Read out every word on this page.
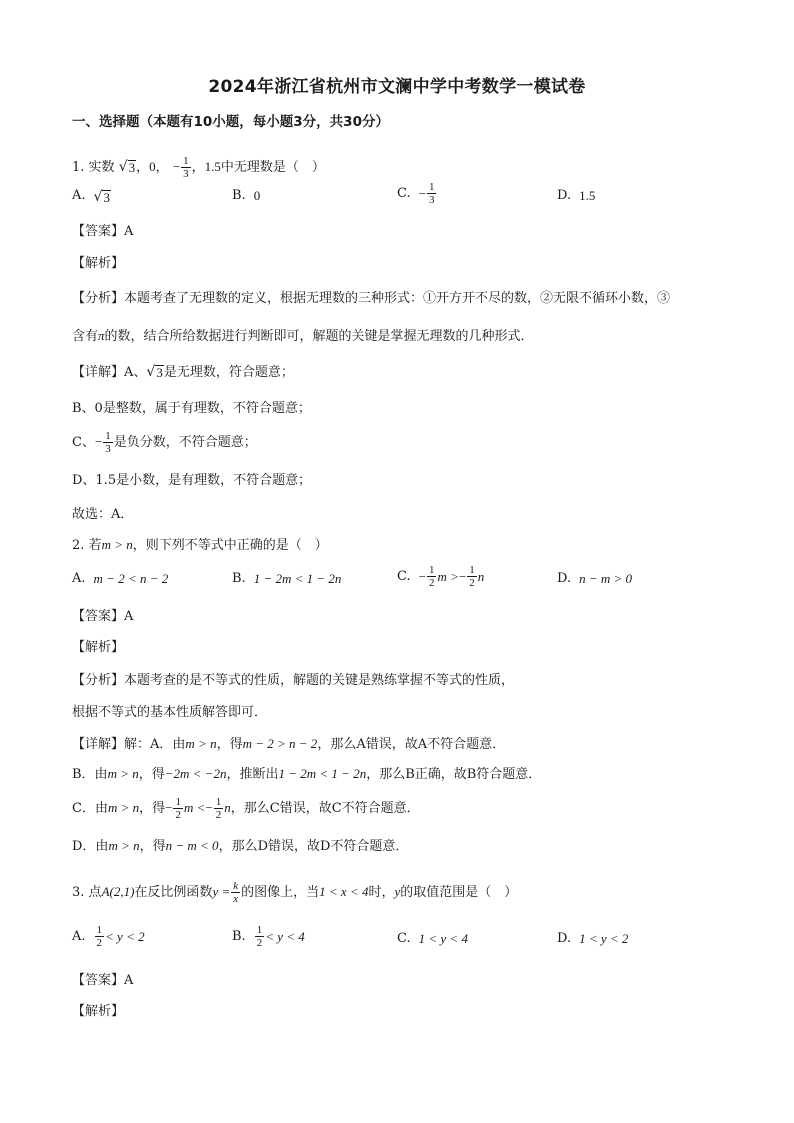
2024年浙江省杭州市文澜中学中考数学一模试卷
一、选择题（本题有10小题，每小题3分，共30分）
1. 实数 √ 3 ，0， − $\frac{1}{3}$ ，1.5中无理数是（　）
A. √ 3	B. 0	C. − $\frac{1}{3}$	D. 1.5
【答案】A
【解析】
【分析】本题考查了无理数的定义，根据无理数的三种形式：①开方开不尽的数，②无限不循环小数，③
含有π的数，结合所给数据进行判断即可，解题的关键是掌握无理数的几种形式．
【详解】A、 √ 3 是无理数，符合题意；
B、0是整数，属于有理数，不符合题意；
C、− $\frac{1}{3}$ 是负分数，不符合题意；
D、1.5是小数，是有理数，不符合题意；
故选：A．
2. 若m > n，则下列不等式中正确的是（　）
A. m − 2 < n − 2	B. 1 − 2m < 1 − 2n	C. − $\frac{1}{2}$ m > − $\frac{1}{2}$ n	D. n − m > 0
【答案】A
【解析】
【分析】本题考查的是不等式的性质，解题的关键是熟练掌握不等式的性质，
根据不等式的基本性质解答即可．
【详解】解：A．由m > n，得m − 2 > n − 2，那么A错误，故A不符合题意．
B．由m > n，得−2m < −2n，推断出1 − 2m < 1 − 2n，那么B正确，故B符合题意．
C．由m > n，得− $\frac{1}{2}$ $m <- \frac{1}{2}$ n，那么C错误，故C不符合题意．
D．由m > n，得n − m < 0，那么D错误，故D不符合题意．
3. 点A(2,1)在反比例函数$y = \frac{k}{x}$ 的图像上，当1 < x < 4时，y的取值范围是（　）
A. $\frac{1}{2} < y < 2$	B. $\frac{1}{2} < y < 4$	C. 1 < y < 4	D. 1 < y < 2
【答案】A
【解析】
